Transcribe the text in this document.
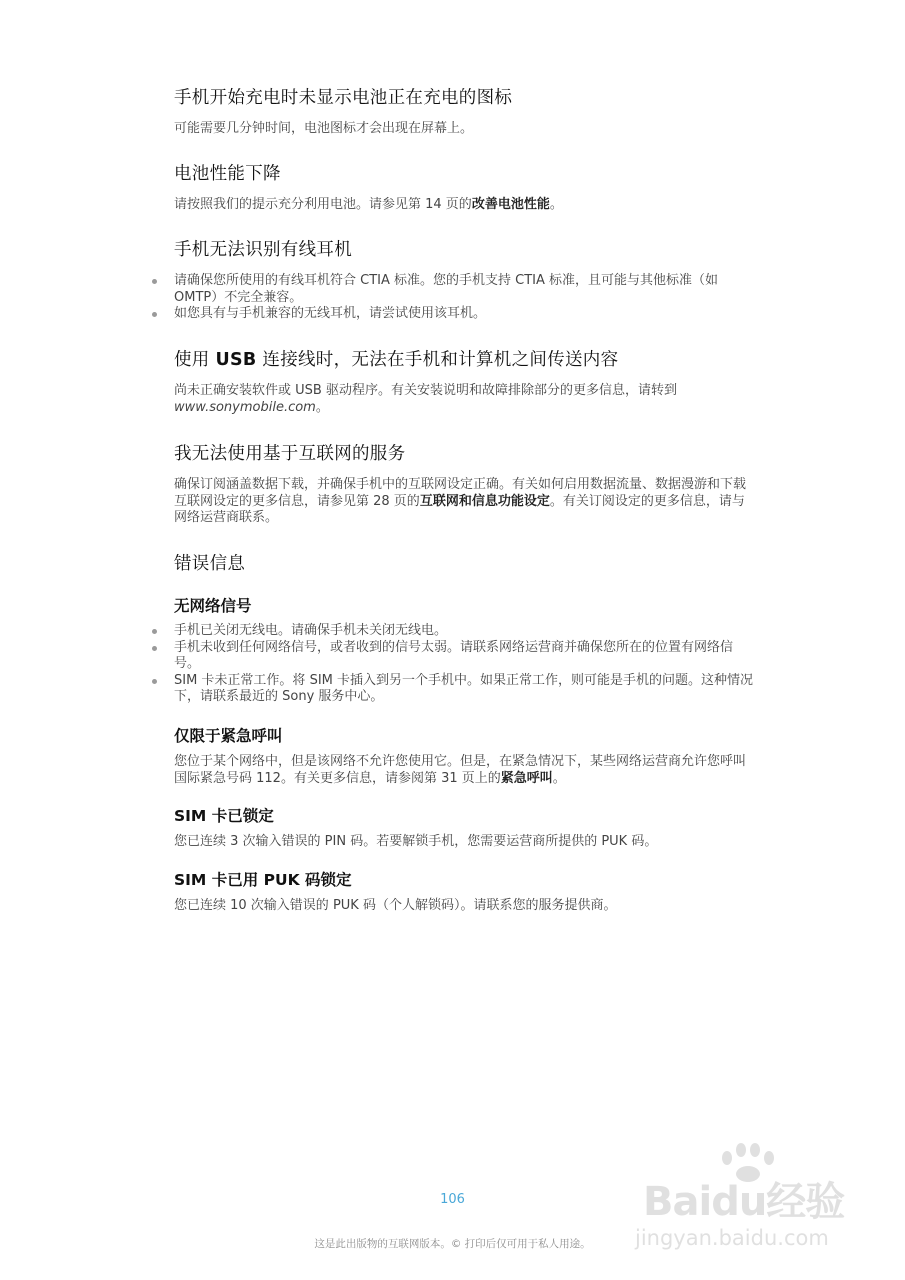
手机开始充电时未显示电池正在充电的图标

可能需要几分钟时间，电池图标才会出现在屏幕上。

电池性能下降

请按照我们的提示充分利用电池。请参见第 14 页的改善电池性能。

手机无法识别有线耳机
请确保您所使用的有线耳机符合 CTIA 标准。您的手机支持 CTIA 标准，且可能与其他标准（如 OMTP）不完全兼容。
如您具有与手机兼容的无线耳机，请尝试使用该耳机。
使用 USB 连接线时，无法在手机和计算机之间传送内容

尚未正确安装软件或 USB 驱动程序。有关安装说明和故障排除部分的更多信息，请转到 www.sonymobile.com。

我无法使用基于互联网的服务

确保订阅涵盖数据下载，并确保手机中的互联网设定正确。有关如何启用数据流量、数据漫游和下载互联网设定的更多信息，请参见第 28 页的互联网和信息功能设定。有关订阅设定的更多信息，请与网络运营商联系。

错误信息
无网络信号
手机已关闭无线电。请确保手机未关闭无线电。
手机未收到任何网络信号，或者收到的信号太弱。请联系网络运营商并确保您所在的位置有网络信号。
SIM 卡未正常工作。将 SIM 卡插入到另一个手机中。如果正常工作，则可能是手机的问题。这种情况下，请联系最近的 Sony 服务中心。
仅限于紧急呼叫

您位于某个网络中，但是该网络不允许您使用它。但是，在紧急情况下，某些网络运营商允许您呼叫国际紧急号码 112。有关更多信息，请参阅第 31 页上的紧急呼叫。

SIM 卡已锁定

您已连续 3 次输入错误的 PIN 码。若要解锁手机，您需要运营商所提供的 PUK 码。

SIM 卡已用 PUK 码锁定

您已连续 10 次输入错误的 PUK 码（个人解锁码）。请联系您的服务提供商。

106
这是此出版物的互联网版本。© 打印后仅可用于私人用途。
Baidu经验
jingyan.baidu.com
